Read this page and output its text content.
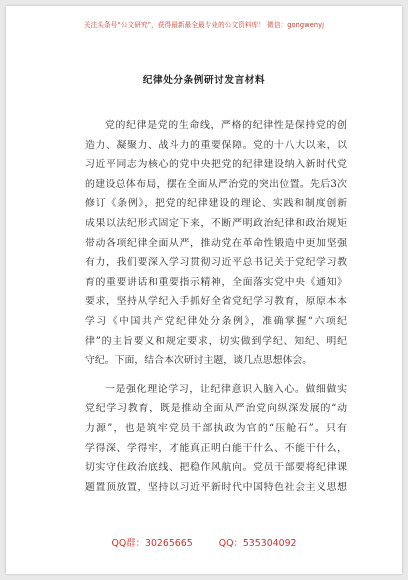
关注头条号“公文研究”，获得最新最全最专业的公文资料库！ 微信：gongwenyj
纪律处分条例研讨发言材料
党的纪律是党的生命线，严格的纪律性是保持党的创
造力、凝聚力、战斗力的重要保障。党的十八大以来，以
习近平同志为核心的党中央把党的纪律建设纳入新时代党
的建设总体布局，摆在全面从严治党的突出位置。先后3次
修订《条例》，把党的纪律建设的理论、实践和制度创新
成果以法纪形式固定下来，不断严明政治纪律和政治规矩
带动各项纪律全面从严，推动党在革命性锻造中更加坚强
有力，我们要深入学习贯彻习近平总书记关于党纪学习教
育的重要讲话和重要指示精神，全面落实党中央《通知》
要求，坚持从学纪入手抓好全省党纪学习教育，原原本本
学习《中国共产党纪律处分条例》，准确掌握“六项纪
律”的主旨要义和规定要求，切实做到学纪、知纪、明纪
守纪。下面，结合本次研讨主题，谈几点思想体会。
一是强化理论学习，让纪律意识入脑入心。做细做实
党纪学习教育，既是推动全面从严治党向纵深发展的“动
力源”，也是筑牢党员干部执政为官的“压舱石”。只有
学得深、学得牢，才能真正明白能干什么、不能干什么，
切实守住政治底线、把稳作风航向。党员干部要将纪律课
题置顶放置，坚持以习近平新时代中国特色社会主义思想
QQ群：30265665	QQ：535304092
